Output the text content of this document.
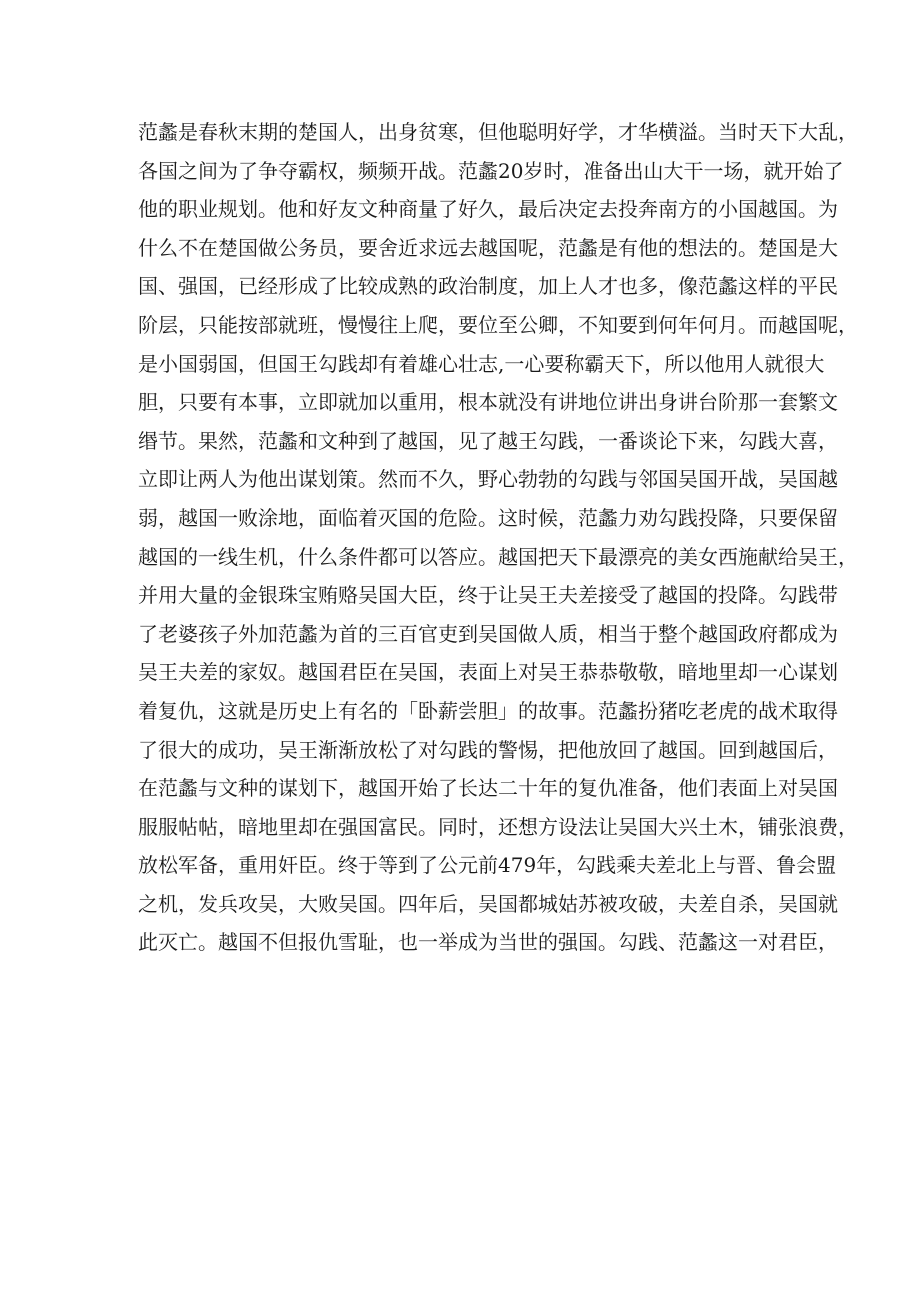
范蠡是春秋末期的楚国人，出身贫寒，但他聪明好学，才华横溢。当时天下大乱，
各国之间为了争夺霸权，频频开战。范蠡20岁时，准备出山大干一场，就开始了
他的职业规划。他和好友文种商量了好久，最后决定去投奔南方的小国越国。为
什么不在楚国做公务员，要舍近求远去越国呢，范蠡是有他的想法的。楚国是大
国、强国，已经形成了比较成熟的政治制度，加上人才也多，像范蠡这样的平民
阶层，只能按部就班，慢慢往上爬，要位至公卿，不知要到何年何月。而越国呢，
是小国弱国，但国王勾践却有着雄心壮志,一心要称霸天下，所以他用人就很大
胆，只要有本事，立即就加以重用，根本就没有讲地位讲出身讲台阶那一套繁文
缗节。果然，范蠡和文种到了越国，见了越王勾践，一番谈论下来，勾践大喜，
立即让两人为他出谋划策。然而不久，野心勃勃的勾践与邻国吴国开战，吴国越
弱，越国一败涂地，面临着灭国的危险。这时候，范蠡力劝勾践投降，只要保留
越国的一线生机，什么条件都可以答应。越国把天下最漂亮的美女西施献给吴王，
并用大量的金银珠宝贿赂吴国大臣，终于让吴王夫差接受了越国的投降。勾践带
了老婆孩子外加范蠡为首的三百官吏到吴国做人质，相当于整个越国政府都成为
吴王夫差的家奴。越国君臣在吴国，表面上对吴王恭恭敬敬，暗地里却一心谋划
着复仇，这就是历史上有名的「卧薪尝胆」的故事。范蠡扮猪吃老虎的战术取得
了很大的成功，吴王渐渐放松了对勾践的警惕，把他放回了越国。回到越国后，
在范蠡与文种的谋划下，越国开始了长达二十年的复仇准备，他们表面上对吴国
服服帖帖，暗地里却在强国富民。同时，还想方设法让吴国大兴土木，铺张浪费，
放松军备，重用奸臣。终于等到了公元前479年，勾践乘夫差北上与晋、鲁会盟
之机，发兵攻吴，大败吴国。四年后，吴国都城姑苏被攻破，夫差自杀，吴国就
此灭亡。越国不但报仇雪耻，也一举成为当世的强国。勾践、范蠡这一对君臣，
